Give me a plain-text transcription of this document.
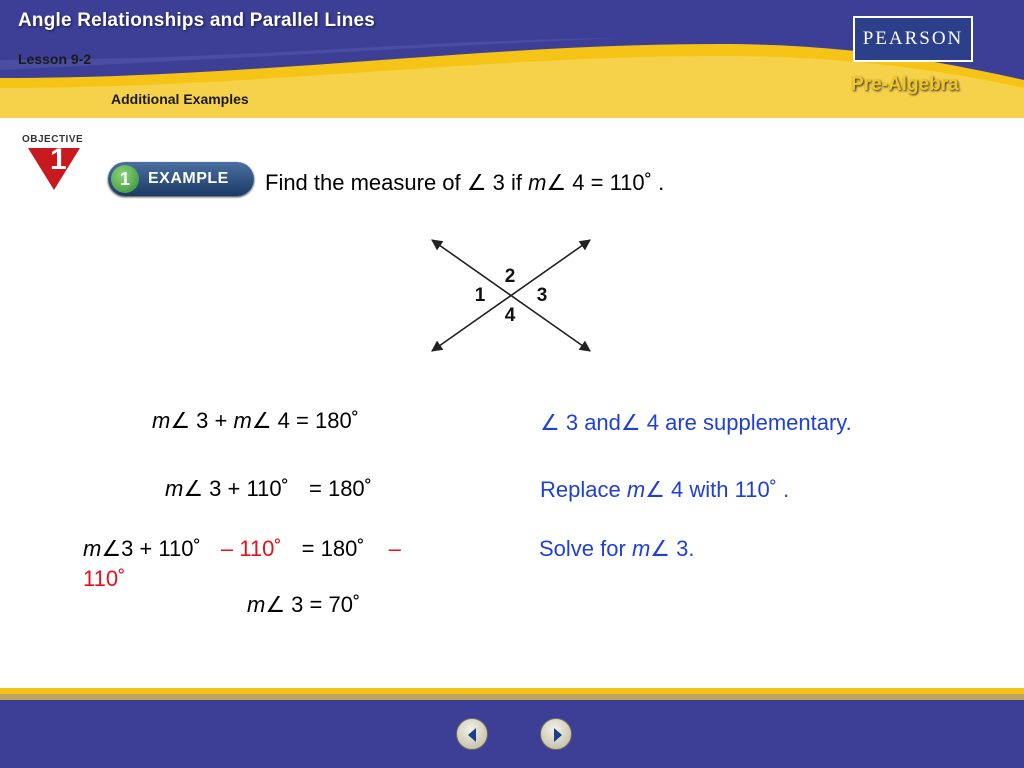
Angle Relationships and Parallel Lines
Lesson 9-2
Additional Examples
PEARSON
Pre-Algebra
OBJECTIVE
1
1	EXAMPLE Find the measure of ∠ 3 if m∠ 4 = 110˚ .
2
1	3
4
m∠ 3 + m∠ 4 = 180˚
m∠ 3 + 110˚ = 180˚
m∠3 + 110˚ – 110˚ = 180˚ –
110˚
m∠ 3 = 70˚
∠ 3 and∠ 4 are supplementary.
Replace m∠ 4 with 110˚ .
Solve for m∠ 3.
